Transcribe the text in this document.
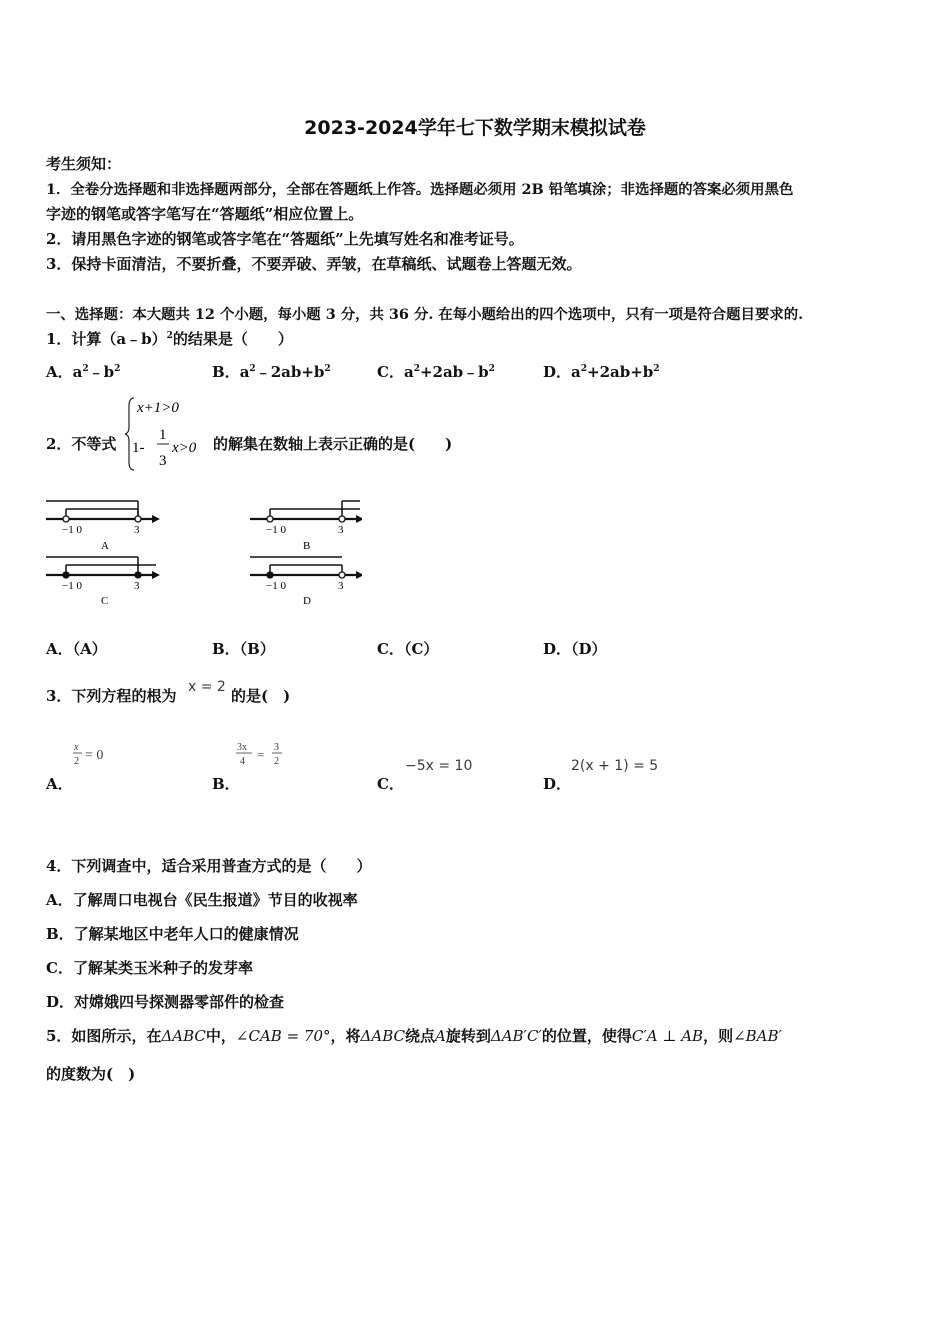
2023-2024学年七下数学期末模拟试卷
考生须知：
1．全卷分选择题和非选择题两部分，全部在答题纸上作答。选择题必须用 2B 铅笔填涂；非选择题的答案必须用黑色
字迹的钢笔或答字笔写在“答题纸”相应位置上。
2．请用黑色字迹的钢笔或答字笔在“答题纸”上先填写姓名和准考证号。
3．保持卡面清洁，不要折叠，不要弄破、弄皱，在草稿纸、试题卷上答题无效。
一、选择题：本大题共 12 个小题，每小题 3 分，共 36 分. 在每小题给出的四个选项中，只有一项是符合题目要求的.
1．计算（a﹣b）$^2$的结果是（　　）
A．$a^2﹣b^2$	B．$a^2﹣2ab+b^2$	C．$a^2+2ab﹣b^2$	D．$a^2+2ab+b^2$
2．不等式
x+1>0
1-
1
3
x>0 的解集在数轴上表示正确的是(　　)
−1 0	3	−1 0	3
−1 0	3	−1 0	3
A	B
C	D
A．（A）	B．（B）	C．（C）	D．（D）
3．下列方程的根为 x = 2 的是(　)
A．
x
2 = 0
B．
3x
4 = 3
2
C．
−5x = 10
D．
2(x + 1) = 5
4．下列调查中，适合采用普查方式的是（　　）
A．了解周口电视台《民生报道》节目的收视率
B．了解某地区中老年人口的健康情况
C．了解某类玉米种子的发芽率
D．对嫦娥四号探测器零部件的检查
5．如图所示，在ΔABC中，∠CAB = 70°，将ΔABC绕点A旋转到ΔAB′C′的位置，使得C′A ⊥ AB，则∠BAB′
的度数为(　)
